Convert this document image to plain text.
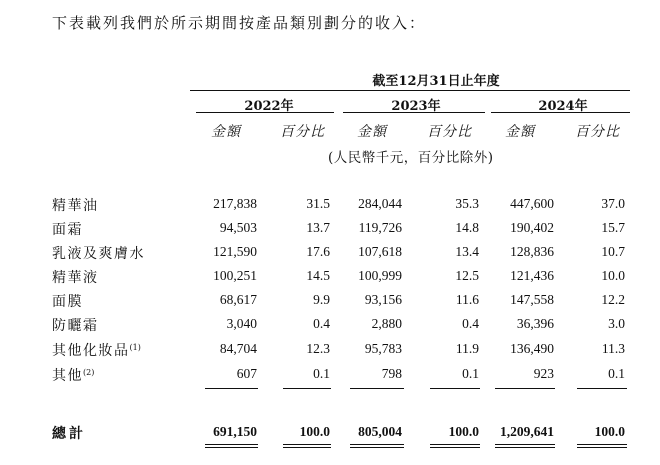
下表載列我們於所示期間按產品類別劃分的收入：
截至12月31日止年度
2022年	2023年	2024年
金額	百分比 金額	百分比 金額	百分比
(人民幣千元，百分比除外)
精華油	217,838	31.5 284,044	35.3 447,600	37.0
面霜	94,503	13.7 119,726	14.8 190,402	15.7
乳液及爽膚水	121,590	17.6 107,618	13.4 128,836	10.7
精華液	100,251	14.5 100,999	12.5 121,436	10.0
面膜	68,617	9.9	93,156	11.6 147,558	12.2
防曬霜	3,040	0.4	2,880	0.4	36,396	3.0
其他化妝品$^{(1)}$	84,704	12.3	95,783	11.9 136,490	11.3
其他$^{(2)}$	607	0.1	798	0.1	923	0.1
總計	691,150	100.0 805,004	100.0 1,209,641	100.0
